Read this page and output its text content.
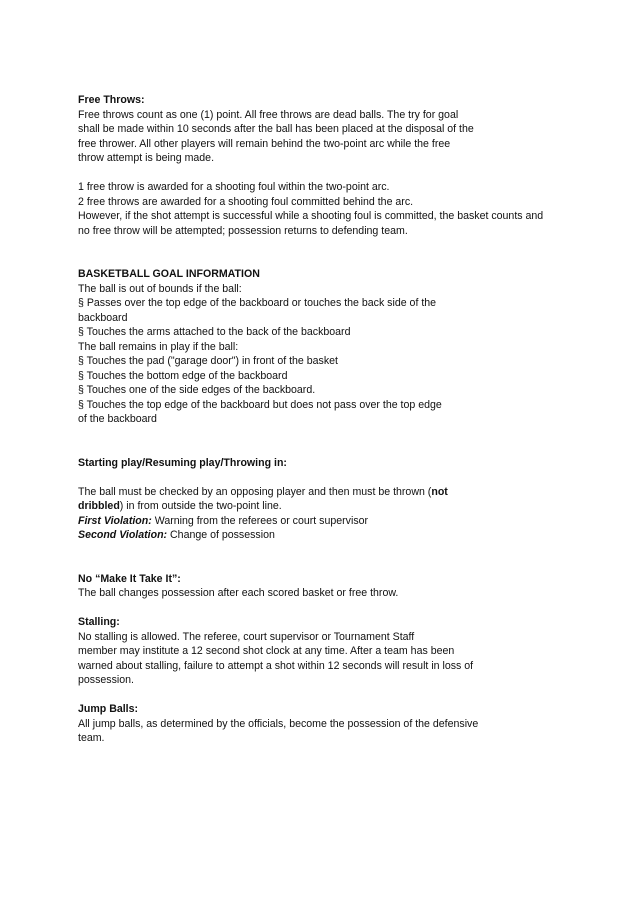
Free Throws:
Free throws count as one (1) point. All free throws are dead balls. The try for goal
shall be made within 10 seconds after the ball has been placed at the disposal of the
free thrower. All other players will remain behind the two-point arc while the free
throw attempt is being made.
1 free throw is awarded for a shooting foul within the two-point arc.
2 free throws are awarded for a shooting foul committed behind the arc.
However, if the shot attempt is successful while a shooting foul is committed, the basket counts and
no free throw will be attempted; possession returns to defending team.
BASKETBALL GOAL INFORMATION
The ball is out of bounds if the ball:
§ Passes over the top edge of the backboard or touches the back side of the
backboard
§ Touches the arms attached to the back of the backboard
The ball remains in play if the ball:
§ Touches the pad ("garage door") in front of the basket
§ Touches the bottom edge of the backboard
§ Touches one of the side edges of the backboard.
§ Touches the top edge of the backboard but does not pass over the top edge
of the backboard
Starting play/Resuming play/Throwing in:
The ball must be checked by an opposing player and then must be thrown (not
dribbled) in from outside the two-point line.
First Violation: Warning from the referees or court supervisor
Second Violation: Change of possession
No “Make It Take It”:
The ball changes possession after each scored basket or free throw.
Stalling:
No stalling is allowed. The referee, court supervisor or Tournament Staff
member may institute a 12 second shot clock at any time. After a team has been
warned about stalling, failure to attempt a shot within 12 seconds will result in loss of
possession.
Jump Balls:
All jump balls, as determined by the officials, become the possession of the defensive
team.
